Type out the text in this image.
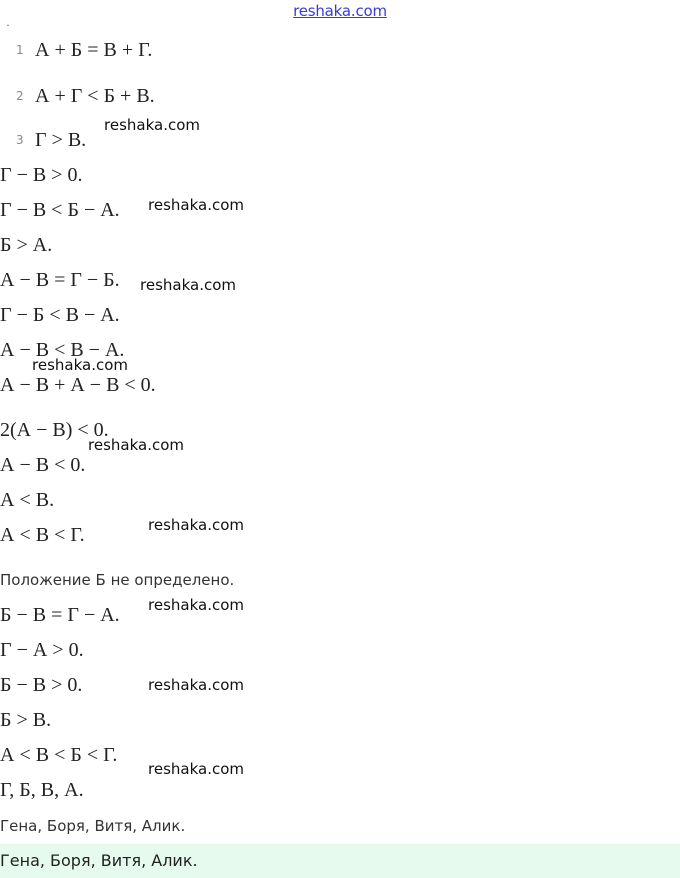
reshaka.com
·
1 А + Б = В + Г.
2 А + Г < Б + В.
3 Г > В.
Г − В > 0.
Г − В < Б − А.
Б > А.
А − В = Г − Б.
Г − Б < В − А.
А − В < В − А.
А − В + А − В < 0.
2(А − В) < 0.
А − В < 0.
А < В.
А < В < Г.
Положение Б не определено.
Б − В = Г − А.
Г − А > 0.
Б − В > 0.
Б > В.
А < В < Б < Г.
Г, Б, В, А.
Гена, Боря, Витя, Алик.
Гена, Боря, Витя, Алик.
reshaka.com
reshaka.com
reshaka.com
reshaka.com
reshaka.com
reshaka.com
reshaka.com
reshaka.com
reshaka.com
